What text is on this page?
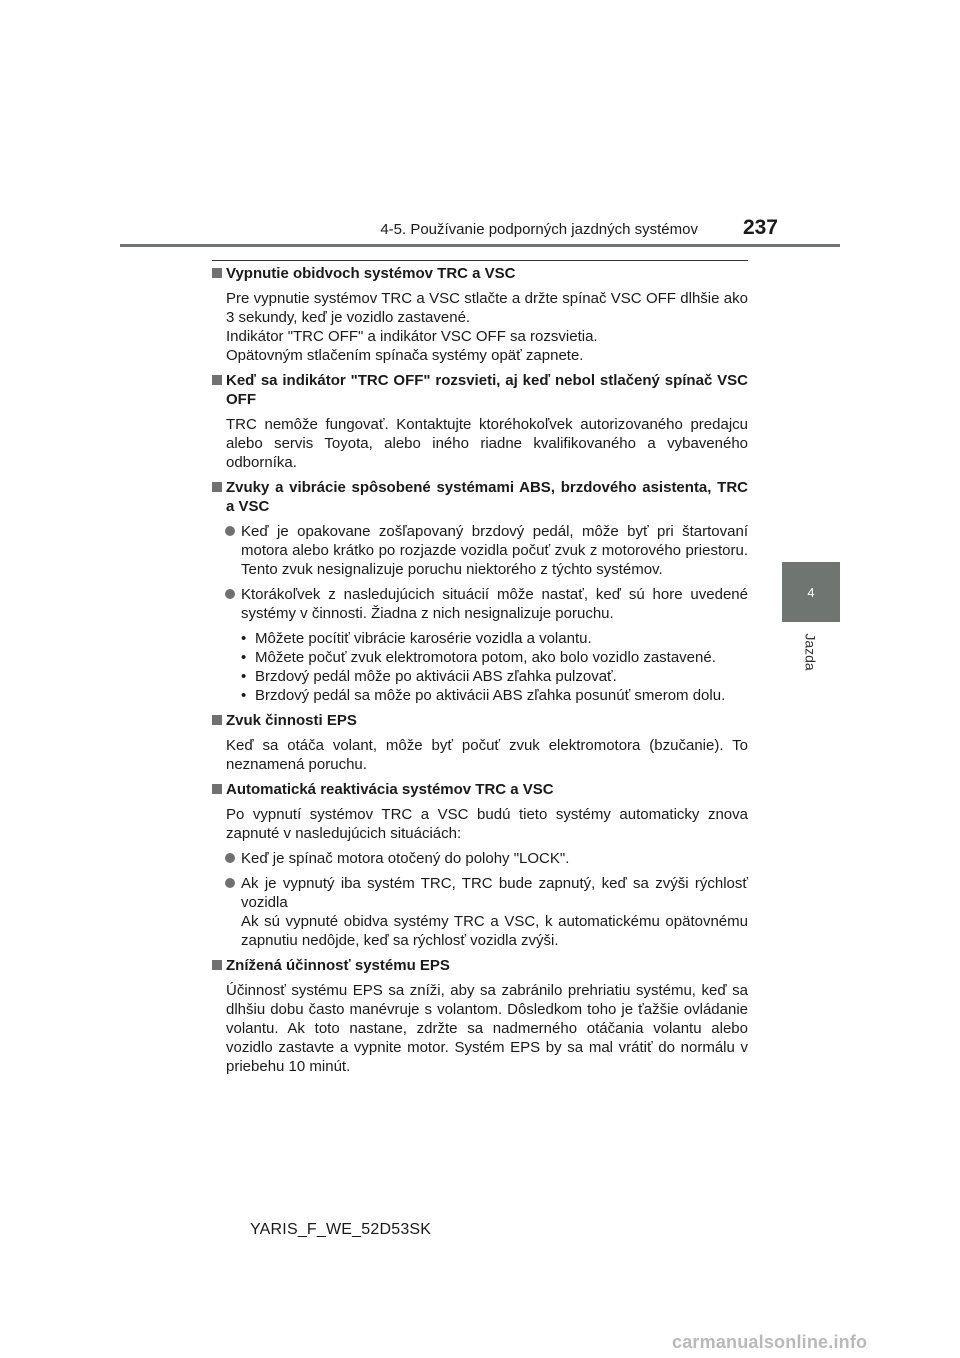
4-5. Používanie podporných jazdných systémov	237
4
Jazda
Vypnutie obidvoch systémov TRC a VSC

Pre vypnutie systémov TRC a VSC stlačte a držte spínač VSC OFF dlhšie ako 3 sekundy, keď je vozidlo zastavené.

Indikátor "TRC OFF" a indikátor VSC OFF sa rozsvietia.

Opätovným stlačením spínača systémy opäť zapnete.

Keď sa indikátor "TRC OFF" rozsvieti, aj keď nebol stlačený spínač VSC OFF

TRC nemôže fungovať. Kontaktujte ktoréhokoľvek autorizovaného predajcu alebo servis Toyota, alebo iného riadne kvalifikovaného a vybaveného odborníka.

Zvuky a vibrácie spôsobené systémami ABS, brzdového asistenta, TRC a VSC

Keď je opakovane zošľapovaný brzdový pedál, môže byť pri štartovaní motora alebo krátko po rozjazde vozidla počuť zvuk z motorového priestoru. Tento zvuk nesignalizuje poruchu niektorého z týchto systémov.

Ktorákoľvek z nasledujúcich situácií môže nastať, keď sú hore uvedené systémy v činnosti. Žiadna z nich nesignalizuje poruchu.

• Môžete pocítiť vibrácie karosérie vozidla a volantu.
• Môžete počuť zvuk elektromotora potom, ako bolo vozidlo zastavené.
• Brzdový pedál môže po aktivácii ABS zľahka pulzovať.
• Brzdový pedál sa môže po aktivácii ABS zľahka posunúť smerom dolu.
Zvuk činnosti EPS

Keď sa otáča volant, môže byť počuť zvuk elektromotora (bzučanie). To neznamená poruchu.

Automatická reaktivácia systémov TRC a VSC

Po vypnutí systémov TRC a VSC budú tieto systémy automaticky znova zapnuté v nasledujúcich situáciách:

Keď je spínač motora otočený do polohy "LOCK".

Ak je vypnutý iba systém TRC, TRC bude zapnutý, keď sa zvýši rýchlosť vozidla

Ak sú vypnuté obidva systémy TRC a VSC, k automatickému opätovnému zapnutiu nedôjde, keď sa rýchlosť vozidla zvýši.

Znížená účinnosť systému EPS

Účinnosť systému EPS sa zníži, aby sa zabránilo prehriatiu systému, keď sa dlhšiu dobu často manévruje s volantom. Dôsledkom toho je ťažšie ovládanie volantu. Ak toto nastane, zdržte sa nadmerného otáčania volantu alebo vozidlo zastavte a vypnite motor. Systém EPS by sa mal vrátiť do normálu v priebehu 10 minút.

YARIS_F_WE_52D53SK
carmanualsonline.info
